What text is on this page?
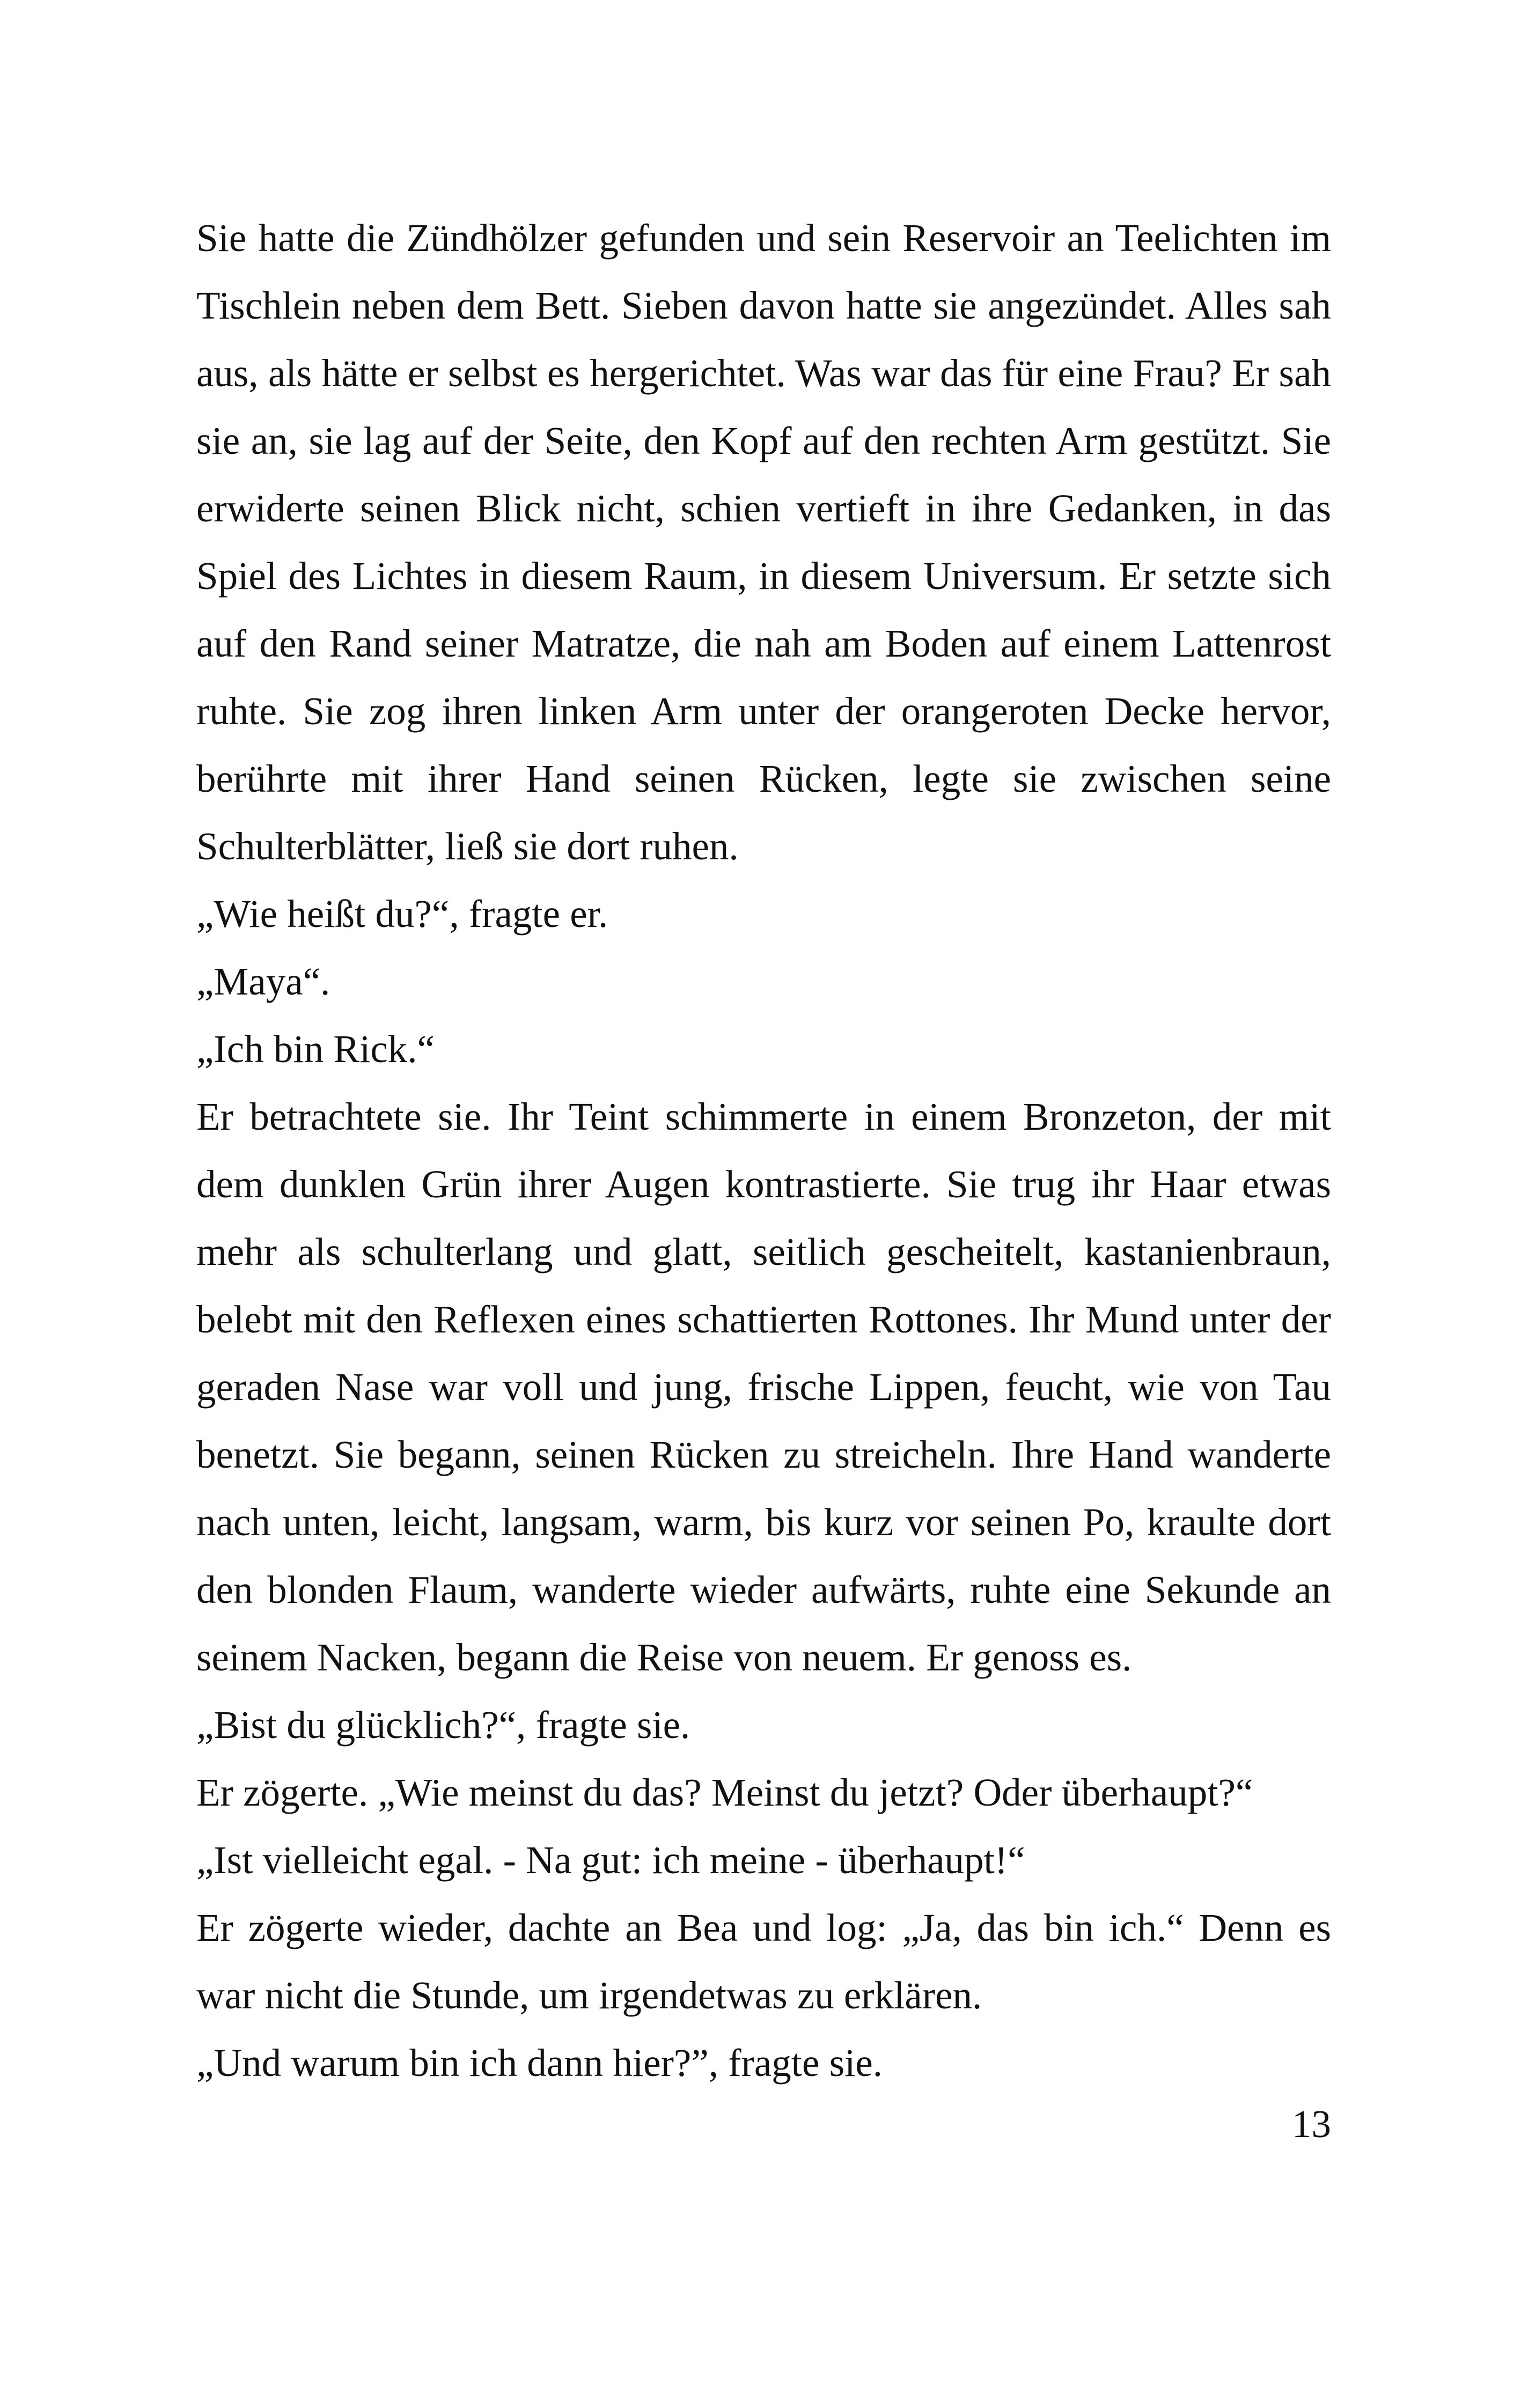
Sie hatte die Zündhölzer gefunden und sein Reservoir an Teelichten im Tischlein neben dem Bett. Sieben davon hatte sie angezündet. Alles sah aus, als hätte er selbst es hergerichtet. Was war das für eine Frau? Er sah sie an, sie lag auf der Seite, den Kopf auf den rechten Arm gestützt. Sie erwiderte seinen Blick nicht, schien vertieft in ihre Gedanken, in das Spiel des Lichtes in diesem Raum, in diesem Universum. Er setzte sich auf den Rand seiner Matratze, die nah am Boden auf einem Lattenrost ruhte. Sie zog ihren linken Arm unter der orangeroten Decke hervor, berührte mit ihrer Hand seinen Rücken, legte sie zwischen seine Schulterblätter, ließ sie dort ruhen.

„Wie heißt du?“, fragte er.

„Maya“.

„Ich bin Rick.“

Er betrachtete sie. Ihr Teint schimmerte in einem Bronzeton, der mit dem dunklen Grün ihrer Augen kontrastierte. Sie trug ihr Haar etwas mehr als schulterlang und glatt, seitlich gescheitelt, kastanienbraun, belebt mit den Reflexen eines schattierten Rottones. Ihr Mund unter der geraden Nase war voll und jung, frische Lippen, feucht, wie von Tau benetzt. Sie begann, seinen Rücken zu streicheln. Ihre Hand wanderte nach unten, leicht, langsam, warm, bis kurz vor seinen Po, kraulte dort den blonden Flaum, wanderte wieder aufwärts, ruhte eine Sekunde an seinem Nacken, begann die Reise von neuem. Er genoss es.

„Bist du glücklich?“, fragte sie.

Er zögerte. „Wie meinst du das? Meinst du jetzt? Oder überhaupt?“

„Ist vielleicht egal. - Na gut: ich meine - überhaupt!“

Er zögerte wieder, dachte an Bea und log: „Ja, das bin ich.“ Denn es war nicht die Stunde, um irgendetwas zu erklären.

„Und warum bin ich dann hier?”, fragte sie.

13
